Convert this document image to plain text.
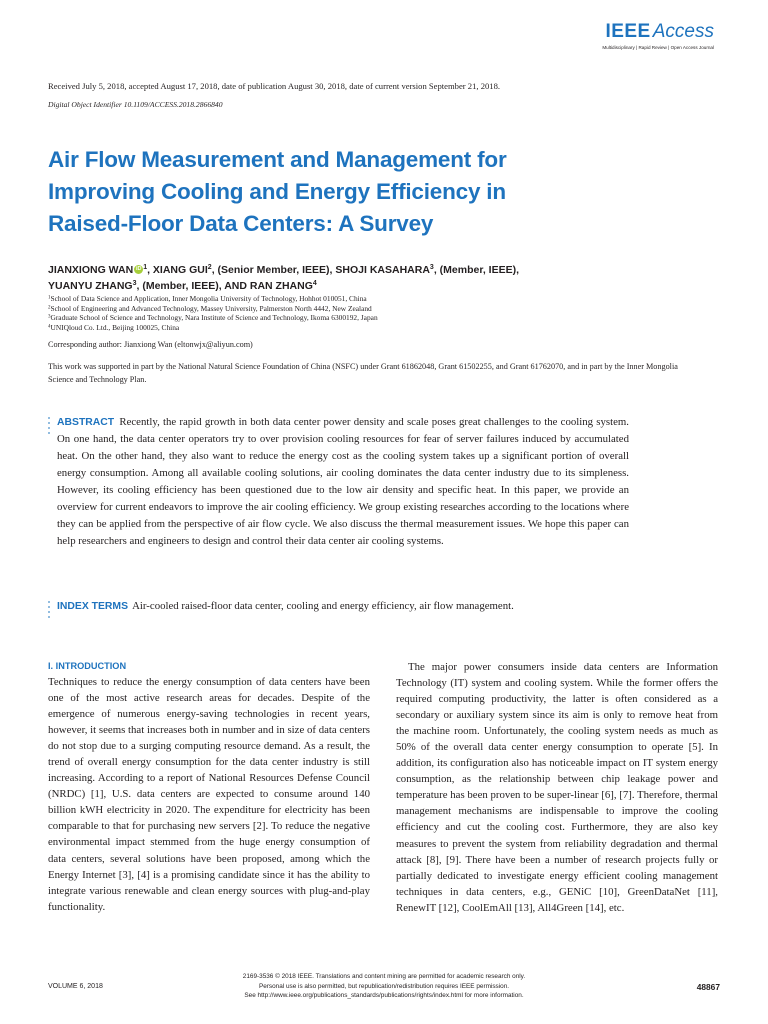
IEEE Access
Multidisciplinary | Rapid Review | Open Access Journal
Received July 5, 2018, accepted August 17, 2018, date of publication August 30, 2018, date of current version September 21, 2018.
Digital Object Identifier 10.1109/ACCESS.2018.2866840
Air Flow Measurement and Management for
Improving Cooling and Energy Efficiency in
Raised-Floor Data Centers: A Survey
JIANXIONG WAN iD $^1$, XIANG GUI$^2$, (Senior Member, IEEE), SHOJI KASAHARA$^3$, (Member, IEEE),
YUANYU ZHANG$^3$, (Member, IEEE), AND RAN ZHANG$^4$
$^1$School of Data Science and Application, Inner Mongolia University of Technology, Hohhot 010051, China
$^2$School of Engineering and Advanced Technology, Massey University, Palmerston North 4442, New Zealand
$^3$Graduate School of Science and Technology, Nara Institute of Science and Technology, Ikoma 6300192, Japan
$^4$UNIQloud Co. Ltd., Beijing 100025, China
Corresponding author: Jianxiong Wan (eltonwjx@aliyun.com)
This work was supported in part by the National Natural Science Foundation of China (NSFC) under Grant 61862048, Grant 61502255, and Grant 61762070, and in part by the Inner Mongolia Science and Technology Plan.
ABSTRACT Recently, the rapid growth in both data center power density and scale poses great challenges to the cooling system. On one hand, the data center operators try to over provision cooling resources for fear of server failures induced by accumulated heat. On the other hand, they also want to reduce the energy cost as the cooling system takes up a significant portion of overall energy consumption. Among all available cooling solutions, air cooling dominates the data center industry due to its simpleness. However, its cooling efficiency has been questioned due to the low air density and specific heat. In this paper, we provide an overview for current endeavors to improve the air cooling efficiency. We group existing researches according to the locations where they can be applied from the perspective of air flow cycle. We also discuss the thermal measurement issues. We hope this paper can help researchers and engineers to design and control their data center air cooling systems.
INDEX TERMS Air-cooled raised-floor data center, cooling and energy efficiency, air flow management.
I. INTRODUCTION

Techniques to reduce the energy consumption of data centers have been one of the most active research areas for decades. Despite of the emergence of numerous energy-saving technologies in recent years, however, it seems that increases both in number and in size of data centers do not stop due to a surging computing resource demand. As a result, the trend of overall energy consumption for the data center industry is still increasing. According to a report of National Resources Defense Council (NRDC) [1], U.S. data centers are expected to consume around 140 billion kWH electricity in 2020. The expenditure for electricity has been comparable to that for purchasing new servers [2]. To reduce the negative environmental impact stemmed from the huge energy consumption of data centers, several solutions have been proposed, among which the Energy Internet [3], [4] is a promising candidate since it has the ability to integrate various renewable and clean energy sources with plug-and-play functionality.

The major power consumers inside data centers are Information Technology (IT) system and cooling system. While the former offers the required computing productivity, the latter is often considered as a secondary or auxiliary system since its aim is only to remove heat from the machine room. Unfortunately, the cooling system needs as much as 50% of the overall data center energy consumption to operate [5]. In addition, its configuration also has noticeable impact on IT system energy consumption, as the relationship between chip leakage power and temperature has been proven to be super-linear [6], [7]. Therefore, thermal management mechanisms are indispensable to improve the cooling efficiency and cut the cooling cost. Furthermore, they are also key measures to prevent the system from reliability degradation and thermal attack [8], [9]. There have been a number of research projects fully or partially dedicated to investigate energy efficient cooling management techniques in data centers, e.g., GENiC [10], GreenDataNet [11], RenewIT [12], CoolEmAll [13], All4Green [14], etc.

VOLUME 6, 2018
2169-3536 © 2018 IEEE. Translations and content mining are permitted for academic research only.
Personal use is also permitted, but republication/redistribution requires IEEE permission.
See http://www.ieee.org/publications_standards/publications/rights/index.html for more information.
48867
